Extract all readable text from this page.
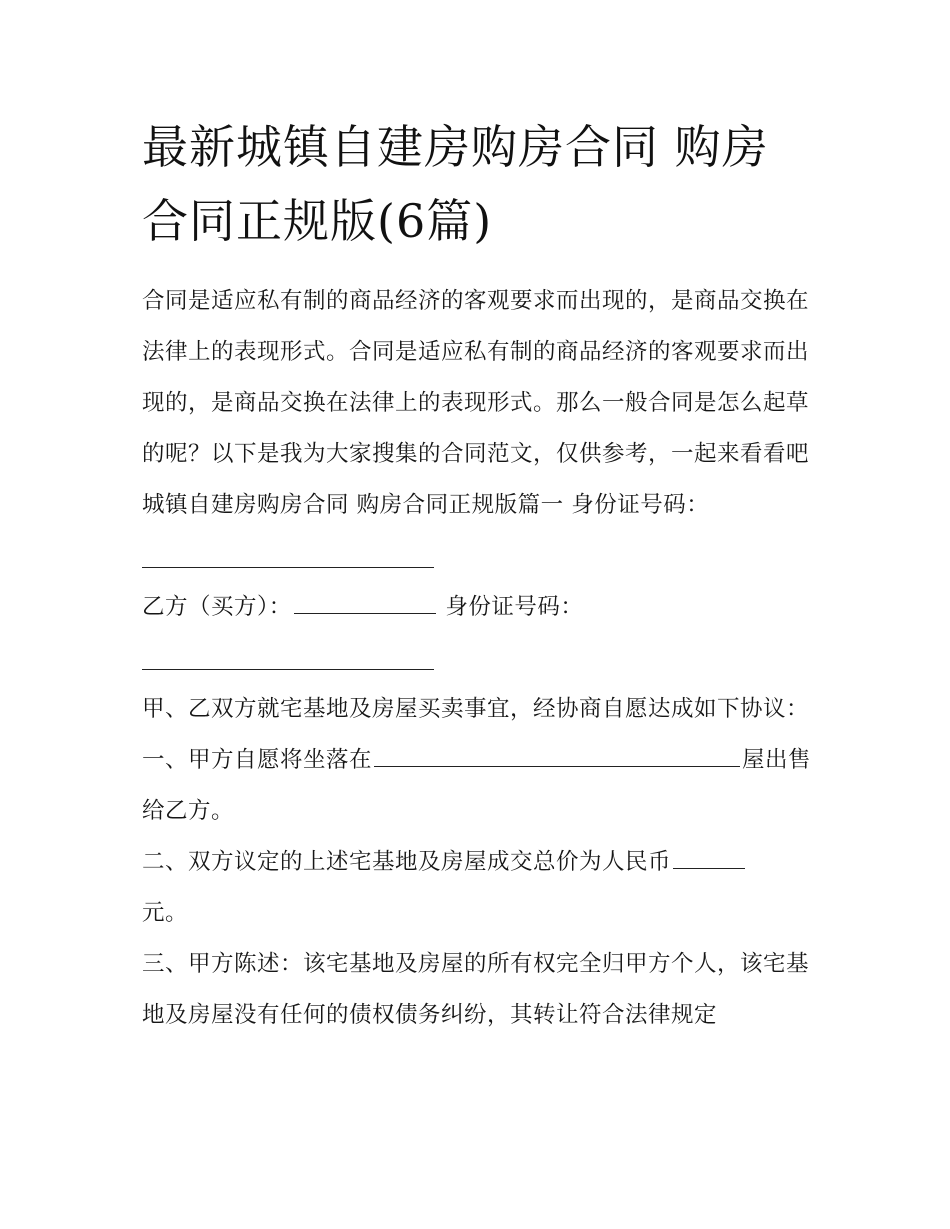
最新城镇自建房购房合同 购房合同正规版(6篇)

合同是适应私有制的商品经济的客观要求而出现的，是商品交换在法律上的表现形式。合同是适应私有制的商品经济的客观要求而出现的，是商品交换在法律上的表现形式。那么一般合同是怎么起草的呢？以下是我为大家搜集的合同范文，仅供参考，一起来看看吧

城镇自建房购房合同 购房合同正规版篇一 身份证号码：

乙方（买方）：	身份证号码：

甲、乙双方就宅基地及房屋买卖事宜，经协商自愿达成如下协议：

一、甲方自愿将坐落在	屋出售给乙方。

二、双方议定的上述宅基地及房屋成交总价为人民币
元。

三、甲方陈述：该宅基地及房屋的所有权完全归甲方个人，该宅基地及房屋没有任何的债权债务纠纷，其转让符合法律规定
